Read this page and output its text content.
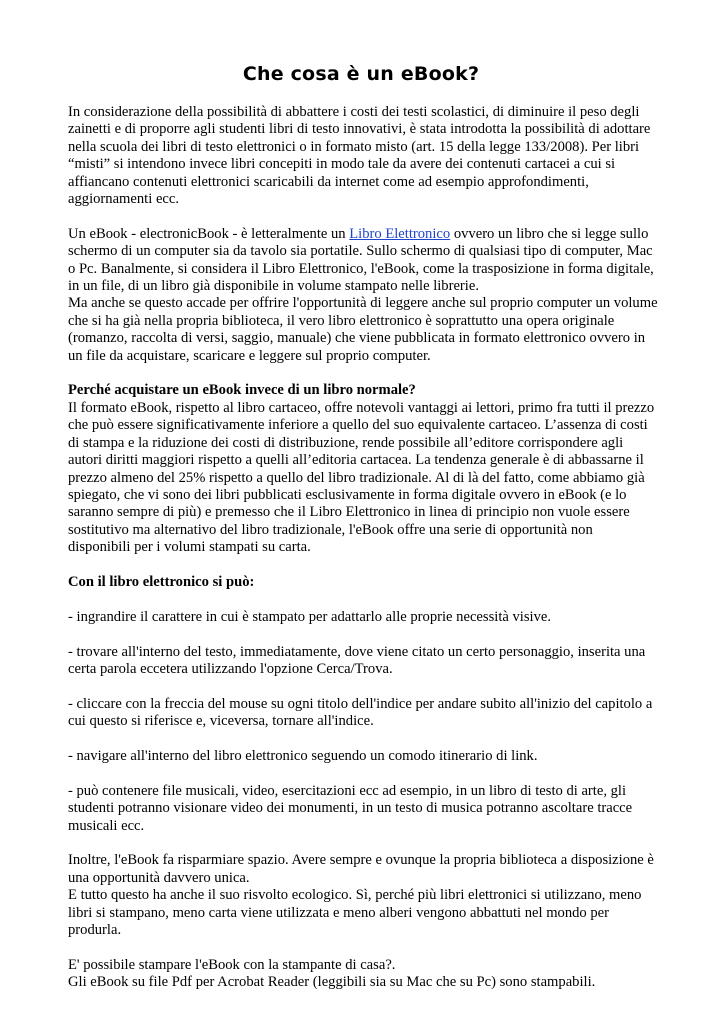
Che cosa è un eBook?

In considerazione della possibilità di abbattere i costi dei testi scolastici, di diminuire il peso degli zainetti e di proporre agli studenti libri di testo innovativi, è stata introdotta la possibilità di adottare nella scuola dei libri di testo elettronici o in formato misto (art. 15 della legge 133/2008). Per libri “misti” si intendono invece libri concepiti in modo tale da avere dei contenuti cartacei a cui si affiancano contenuti elettronici scaricabili da internet come ad esempio approfondimenti, aggiornamenti ecc.

Un eBook - electronicBook - è letteralmente un Libro Elettronico ovvero un libro che si legge sullo schermo di un computer sia da tavolo sia portatile. Sullo schermo di qualsiasi tipo di computer, Mac o Pc. Banalmente, si considera il Libro Elettronico, l'eBook, come la trasposizione in forma digitale, in un file, di un libro già disponibile in volume stampato nelle librerie.

Ma anche se questo accade per offrire l'opportunità di leggere anche sul proprio computer un volume che si ha già nella propria biblioteca, il vero libro elettronico è soprattutto una opera originale (romanzo, raccolta di versi, saggio, manuale) che viene pubblicata in formato elettronico ovvero in un file da acquistare, scaricare e leggere sul proprio computer.

Perché acquistare un eBook invece di un libro normale?

Il formato eBook, rispetto al libro cartaceo, offre notevoli vantaggi ai lettori, primo fra tutti il prezzo che può essere significativamente inferiore a quello del suo equivalente cartaceo. L’assenza di costi di stampa e la riduzione dei costi di distribuzione, rende possibile all’editore corrispondere agli autori diritti maggiori rispetto a quelli all’editoria cartacea. La tendenza generale è di abbassarne il prezzo almeno del 25% rispetto a quello del libro tradizionale. Al di là del fatto, come abbiamo già spiegato, che vi sono dei libri pubblicati esclusivamente in forma digitale ovvero in eBook (e lo saranno sempre di più) e premesso che il Libro Elettronico in linea di principio non vuole essere sostitutivo ma alternativo del libro tradizionale, l'eBook offre una serie di opportunità non disponibili per i volumi stampati su carta.

Con il libro elettronico si può:

- ingrandire il carattere in cui è stampato per adattarlo alle proprie necessità visive.

- trovare all'interno del testo, immediatamente, dove viene citato un certo personaggio, inserita una certa parola eccetera utilizzando l'opzione Cerca/Trova.

- cliccare con la freccia del mouse su ogni titolo dell'indice per andare subito all'inizio del capitolo a cui questo si riferisce e, viceversa, tornare all'indice.

- navigare all'interno del libro elettronico seguendo un comodo itinerario di link.

- può contenere file musicali, video, esercitazioni ecc ad esempio, in un libro di testo di arte, gli studenti potranno visionare video dei monumenti, in un testo di musica potranno ascoltare tracce musicali ecc.

Inoltre, l'eBook fa risparmiare spazio. Avere sempre e ovunque la propria biblioteca a disposizione è una opportunità davvero unica.

E tutto questo ha anche il suo risvolto ecologico. Sì, perché più libri elettronici si utilizzano, meno libri si stampano, meno carta viene utilizzata e meno alberi vengono abbattuti nel mondo per produrla.

E' possibile stampare l'eBook con la stampante di casa?.

Gli eBook su file Pdf per Acrobat Reader (leggibili sia su Mac che su Pc) sono stampabili.
